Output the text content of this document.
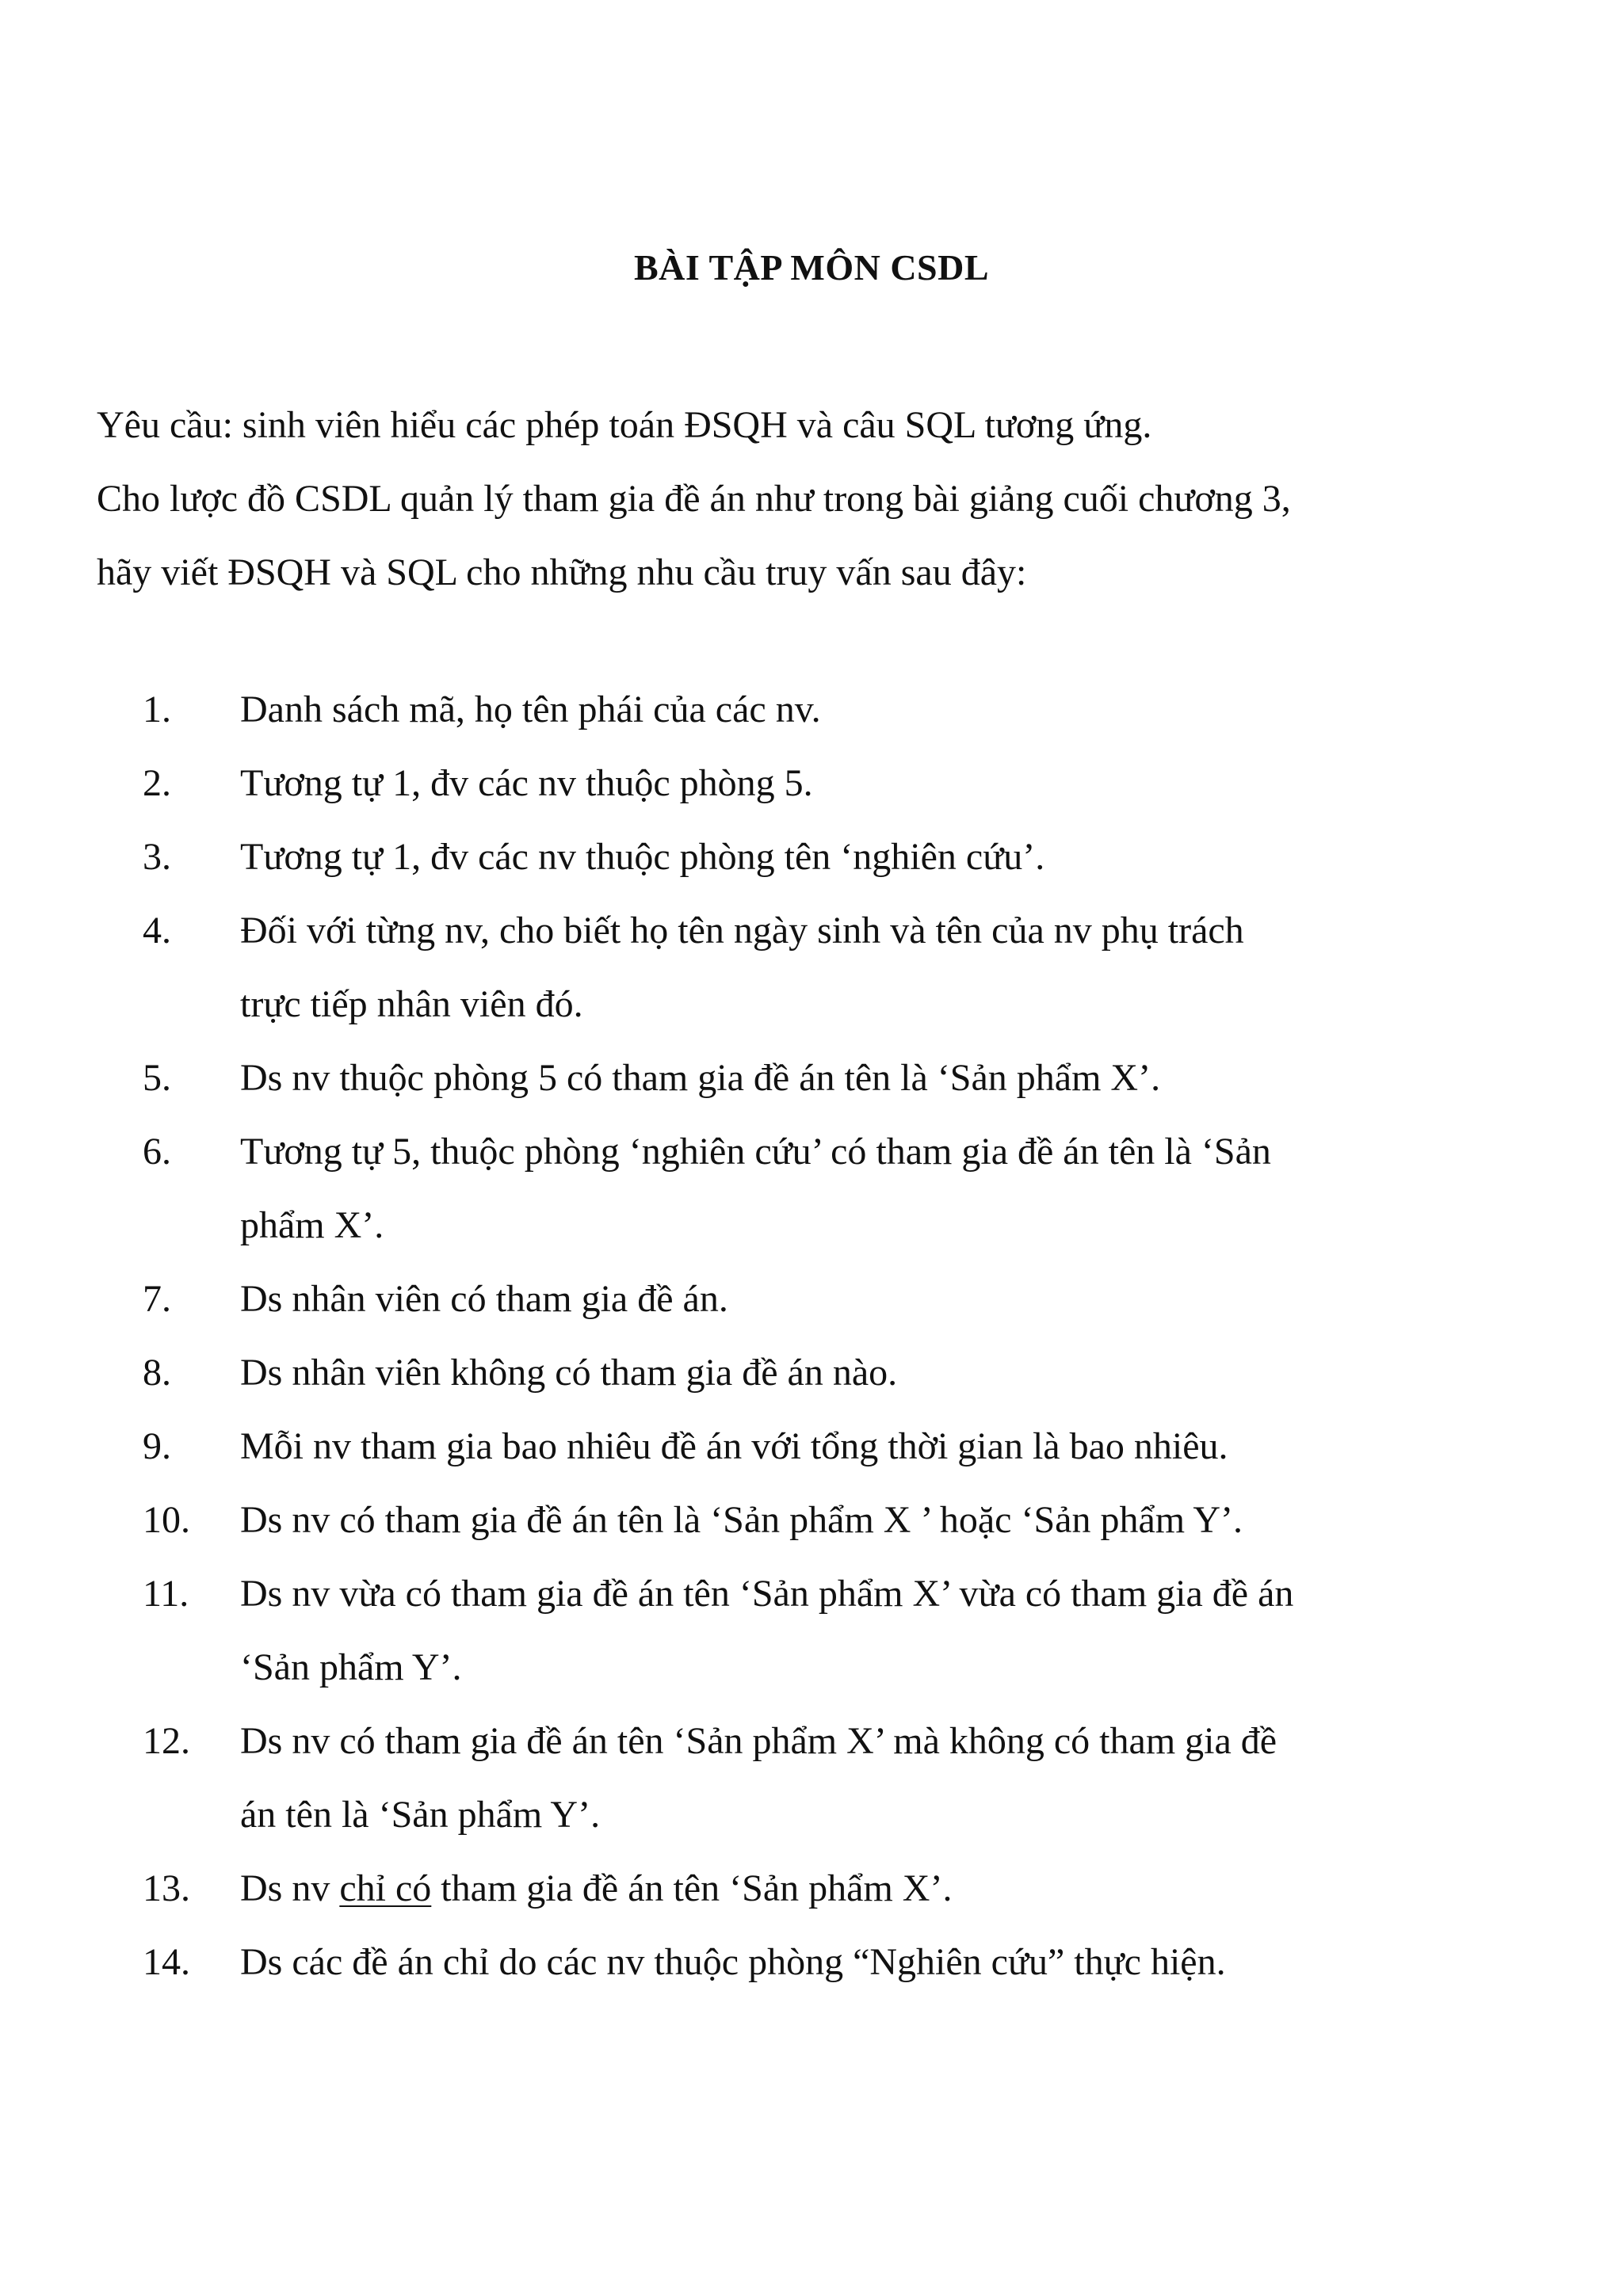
BÀI TẬP MÔN CSDL

Yêu cầu: sinh viên hiểu các phép toán ĐSQH và câu SQL tương ứng.

Cho lược đồ CSDL quản lý tham gia đề án như trong bài giảng cuối chương 3,

hãy viết ĐSQH và SQL cho những nhu cầu truy vấn sau đây:

1.	Danh sách mã, họ tên phái của các nv.
2.	Tương tự 1, đv các nv thuộc phòng 5.
3.	Tương tự 1, đv các nv thuộc phòng tên ‘nghiên cứu’.
4.	Đối với từng nv, cho biết họ tên ngày sinh và tên của nv phụ trách
trực tiếp nhân viên đó.
5.	Ds nv thuộc phòng 5 có tham gia đề án tên là ‘Sản phẩm X’.
6.	Tương tự 5, thuộc phòng ‘nghiên cứu’ có tham gia đề án tên là ‘Sản
phẩm X’.
7.	Ds nhân viên có tham gia đề án.
8.	Ds nhân viên không có tham gia đề án nào.
9.	Mỗi nv tham gia bao nhiêu đề án với tổng thời gian là bao nhiêu.
10.	Ds nv có tham gia đề án tên là ‘Sản phẩm X ’ hoặc ‘Sản phẩm Y’.
11.	Ds nv vừa có tham gia đề án tên ‘Sản phẩm X’ vừa có tham gia đề án
‘Sản phẩm Y’.
12.	Ds nv có tham gia đề án tên ‘Sản phẩm X’ mà không có tham gia đề
án tên là ‘Sản phẩm Y’.
13.	Ds nv chỉ có tham gia đề án tên ‘Sản phẩm X’.
14.	Ds các đề án chỉ do các nv thuộc phòng “Nghiên cứu” thực hiện.
